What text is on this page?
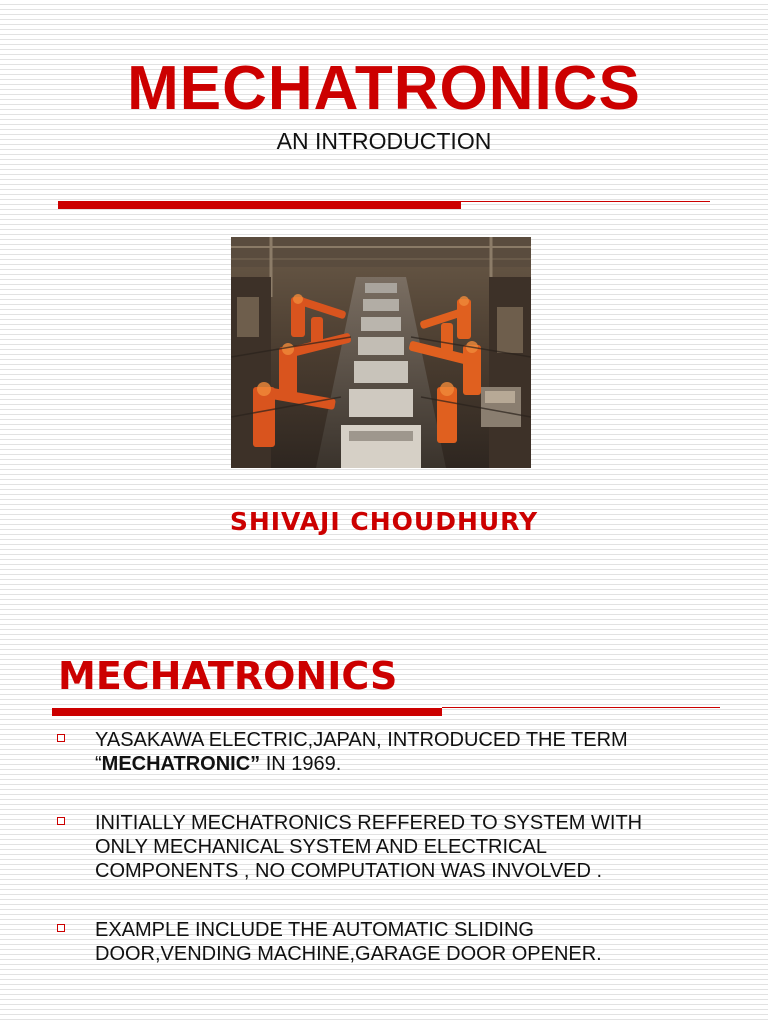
MECHATRONICS
AN INTRODUCTION
SHIVAJI CHOUDHURY
MECHATRONICS
YASAKAWA ELECTRIC,JAPAN, INTRODUCED THE TERM
“MECHATRONIC” IN 1969.
INITIALLY MECHATRONICS REFFERED TO SYSTEM WITH
ONLY MECHANICAL SYSTEM AND ELECTRICAL
COMPONENTS , NO COMPUTATION WAS INVOLVED .
EXAMPLE INCLUDE THE AUTOMATIC SLIDING
DOOR,VENDING MACHINE,GARAGE DOOR OPENER.
